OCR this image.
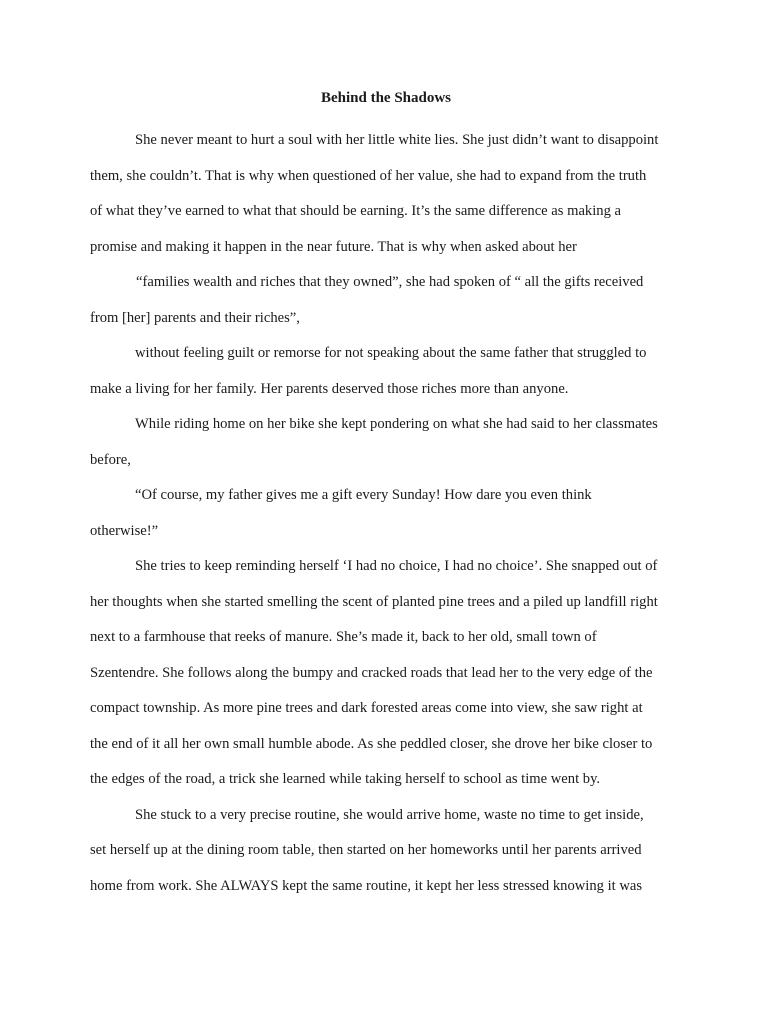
Behind the Shadows
She never meant to hurt a soul with her little white lies. She just didn’t want to disappoint
them, she couldn’t. That is why when questioned of her value, she had to expand from the truth
of what they’ve earned to what that should be earning. It’s the same difference as making a
promise and making it happen in the near future. That is why when asked about her
“families wealth and riches that they owned”, she had spoken of “ all the gifts received
from [her] parents and their riches”,
without feeling guilt or remorse for not speaking about the same father that struggled to
make a living for her family. Her parents deserved those riches more than anyone.
While riding home on her bike she kept pondering on what she had said to her classmates
before,
“Of course, my father gives me a gift every Sunday! How dare you even think
otherwise!”
She tries to keep reminding herself ‘I had no choice, I had no choice’. She snapped out of
her thoughts when she started smelling the scent of planted pine trees and a piled up landfill right
next to a farmhouse that reeks of manure. She’s made it, back to her old, small town of
Szentendre. She follows along the bumpy and cracked roads that lead her to the very edge of the
compact township. As more pine trees and dark forested areas come into view, she saw right at
the end of it all her own small humble abode. As she peddled closer, she drove her bike closer to
the edges of the road, a trick she learned while taking herself to school as time went by.
She stuck to a very precise routine, she would arrive home, waste no time to get inside,
set herself up at the dining room table, then started on her homeworks until her parents arrived
home from work. She ALWAYS kept the same routine, it kept her less stressed knowing it was
